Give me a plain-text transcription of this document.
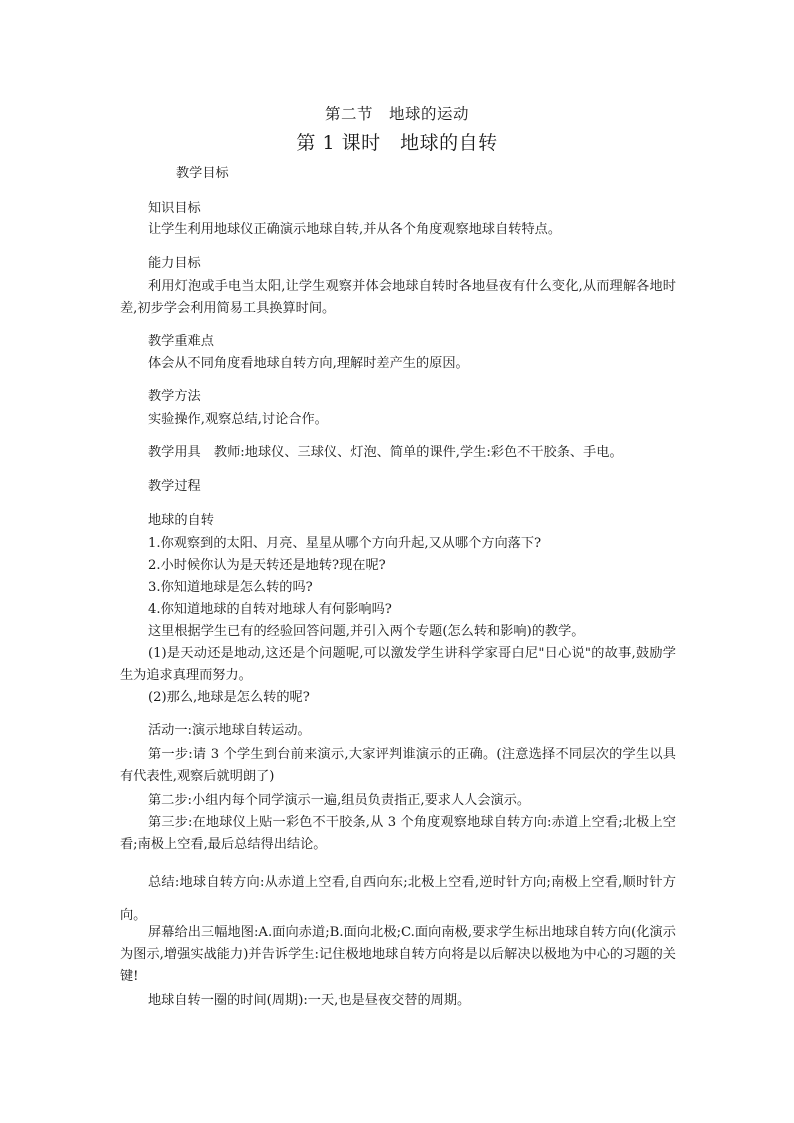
第二节　地球的运动
第 1 课时　地球的自转
教学目标
知识目标
让学生利用地球仪正确演示地球自转,并从各个角度观察地球自转特点。
能力目标
利用灯泡或手电当太阳,让学生观察并体会地球自转时各地昼夜有什么变化,从而理解各地时差,初步学会利用简易工具换算时间。
教学重难点
体会从不同角度看地球自转方向,理解时差产生的原因。
教学方法
实验操作,观察总结,讨论合作。
教学用具　教师:地球仪、三球仪、灯泡、简单的课件,学生:彩色不干胶条、手电。
教学过程
地球的自转
1.你观察到的太阳、月亮、星星从哪个方向升起,又从哪个方向落下?
2.小时候你认为是天转还是地转?现在呢?
3.你知道地球是怎么转的吗?
4.你知道地球的自转对地球人有何影响吗?
这里根据学生已有的经验回答问题,并引入两个专题(怎么转和影响)的教学。
(1)是天动还是地动,这还是个问题呢,可以激发学生讲科学家哥白尼"日心说"的故事,鼓励学生为追求真理而努力。
(2)那么,地球是怎么转的呢?
活动一:演示地球自转运动。
第一步:请 3 个学生到台前来演示,大家评判谁演示的正确。(注意选择不同层次的学生以具有代表性,观察后就明朗了)
第二步:小组内每个同学演示一遍,组员负责指正,要求人人会演示。
第三步:在地球仪上贴一彩色不干胶条,从 3 个角度观察地球自转方向:赤道上空看;北极上空看;南极上空看,最后总结得出结论。
总结:地球自转方向:从赤道上空看,自西向东;北极上空看,逆时针方向;南极上空看,顺时针方向。
屏幕给出三幅地图:A.面向赤道;B.面向北极;C.面向南极,要求学生标出地球自转方向(化演示为图示,增强实战能力)并告诉学生:记住极地地球自转方向将是以后解决以极地为中心的习题的关键!
地球自转一圈的时间(周期):一天,也是昼夜交替的周期。
